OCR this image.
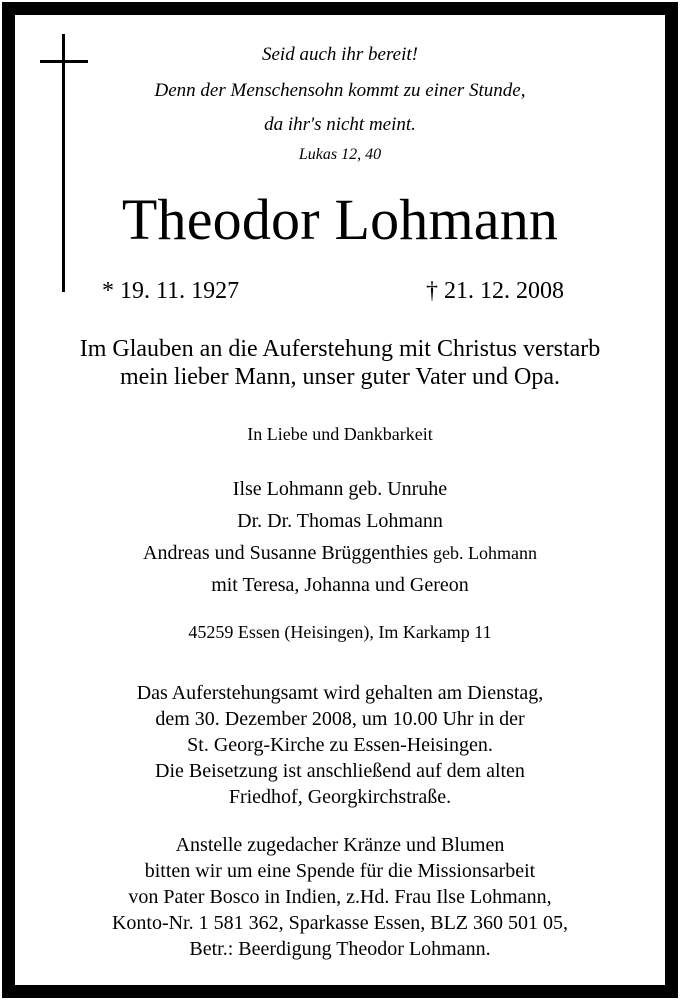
Seid auch ihr bereit!
Denn der Menschensohn kommt zu einer Stunde,
da ihr's nicht meint.
Lukas 12, 40
Theodor Lohmann
* 19. 11. 1927	† 21. 12. 2008
Im Glauben an die Auferstehung mit Christus verstarb
mein lieber Mann, unser guter Vater und Opa.
In Liebe und Dankbarkeit
Ilse Lohmann geb. Unruhe
Dr. Dr. Thomas Lohmann
Andreas und Susanne Brüggenthies geb. Lohmann
mit Teresa, Johanna und Gereon
45259 Essen (Heisingen), Im Karkamp 11
Das Auferstehungsamt wird gehalten am Dienstag,
dem 30. Dezember 2008, um 10.00 Uhr in der
St. Georg-Kirche zu Essen-Heisingen.
Die Beisetzung ist anschließend auf dem alten
Friedhof, Georgkirchstraße.
Anstelle zugedacher Kränze und Blumen
bitten wir um eine Spende für die Missionsarbeit
von Pater Bosco in Indien, z.Hd. Frau Ilse Lohmann,
Konto-Nr. 1 581 362, Sparkasse Essen, BLZ 360 501 05,
Betr.: Beerdigung Theodor Lohmann.
